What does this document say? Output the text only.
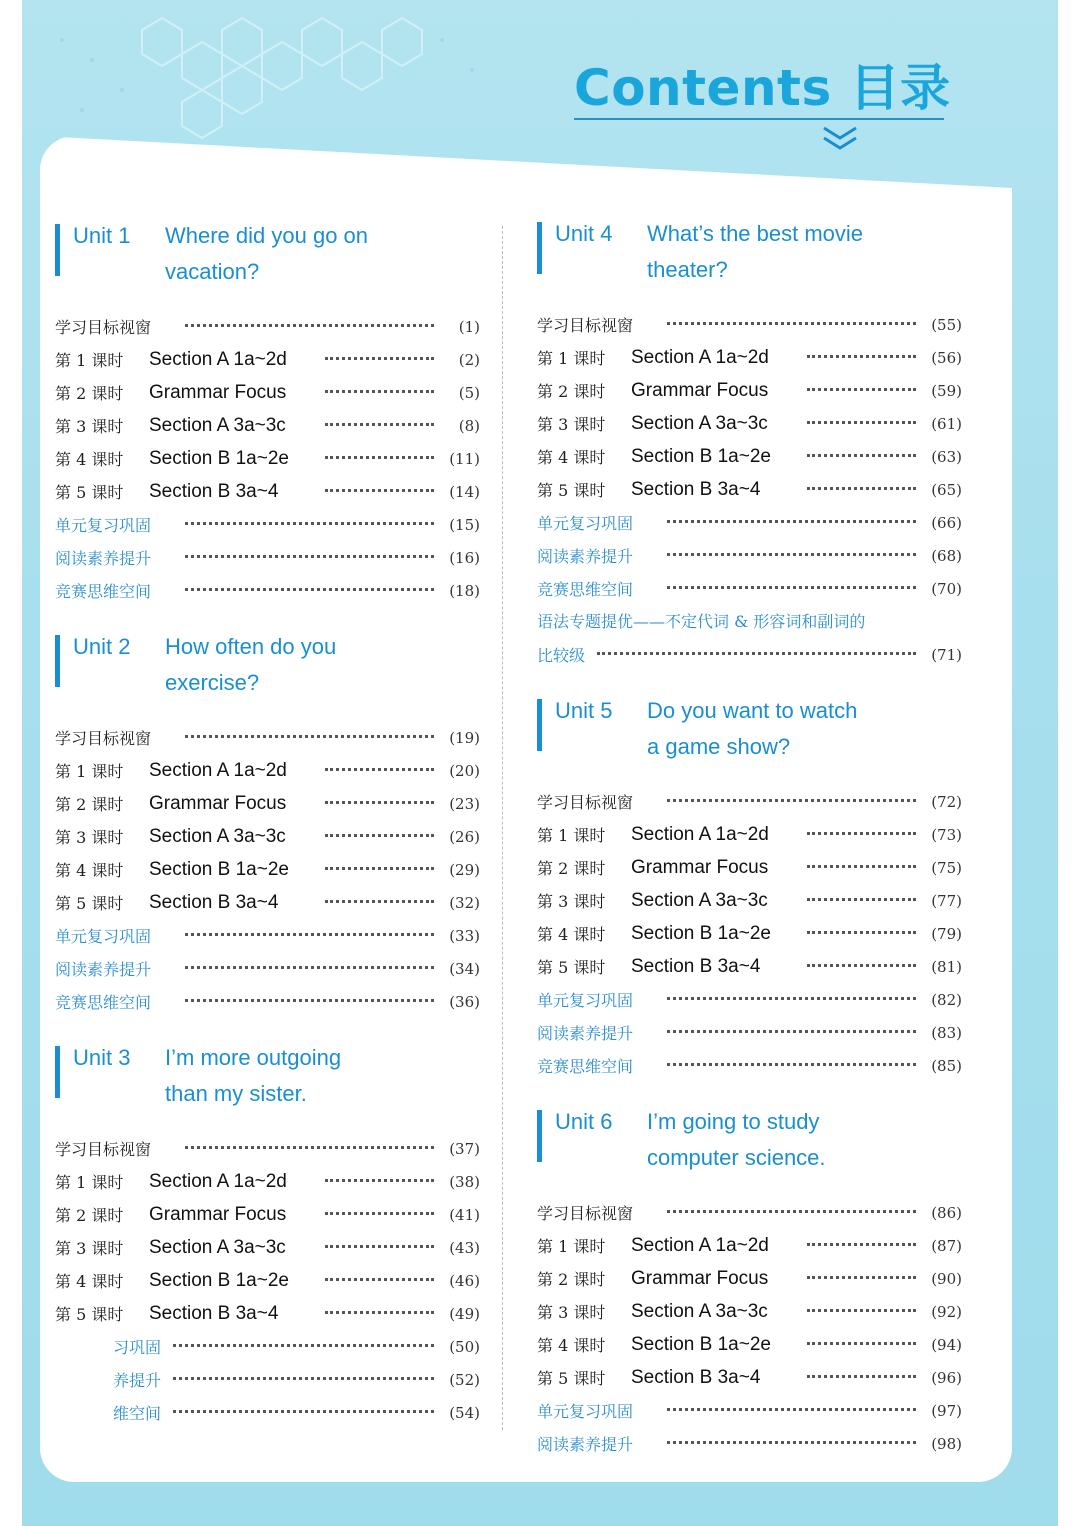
Contents 目录
Unit 1	Where did you go on
vacation?
学习目标视窗	(1)
第 1 课时	Section A 1a~2d	(2)
第 2 课时	Grammar Focus	(5)
第 3 课时	Section A 3a~3c	(8)
第 4 课时	Section B 1a~2e	(11)
第 5 课时	Section B 3a~4	(14)
单元复习巩固	(15)
阅读素养提升	(16)
竞赛思维空间	(18)
Unit 2	How often do you
exercise?
学习目标视窗	(19)
第 1 课时	Section A 1a~2d	(20)
第 2 课时	Grammar Focus	(23)
第 3 课时	Section A 3a~3c	(26)
第 4 课时	Section B 1a~2e	(29)
第 5 课时	Section B 3a~4	(32)
单元复习巩固	(33)
阅读素养提升	(34)
竞赛思维空间	(36)
Unit 3	I’m more outgoing
than my sister.
学习目标视窗	(37)
第 1 课时	Section A 1a~2d	(38)
第 2 课时	Grammar Focus	(41)
第 3 课时	Section A 3a~3c	(43)
第 4 课时	Section B 1a~2e	(46)
第 5 课时	Section B 3a~4	(49)
习巩固	(50)
养提升	(52)
维空间	(54)
Unit 4	What’s the best movie
theater?
学习目标视窗	(55)
第 1 课时	Section A 1a~2d	(56)
第 2 课时	Grammar Focus	(59)
第 3 课时	Section A 3a~3c	(61)
第 4 课时	Section B 1a~2e	(63)
第 5 课时	Section B 3a~4	(65)
单元复习巩固	(66)
阅读素养提升	(68)
竞赛思维空间	(70)
语法专题提优——不定代词 & 形容词和副词的
比较级	(71)
Unit 5	Do you want to watch
a game show?
学习目标视窗	(72)
第 1 课时	Section A 1a~2d	(73)
第 2 课时	Grammar Focus	(75)
第 3 课时	Section A 3a~3c	(77)
第 4 课时	Section B 1a~2e	(79)
第 5 课时	Section B 3a~4	(81)
单元复习巩固	(82)
阅读素养提升	(83)
竞赛思维空间	(85)
Unit 6	I’m going to study
computer science.
学习目标视窗	(86)
第 1 课时	Section A 1a~2d	(87)
第 2 课时	Grammar Focus	(90)
第 3 课时	Section A 3a~3c	(92)
第 4 课时	Section B 1a~2e	(94)
第 5 课时	Section B 3a~4	(96)
单元复习巩固	(97)
阅读素养提升	(98)
